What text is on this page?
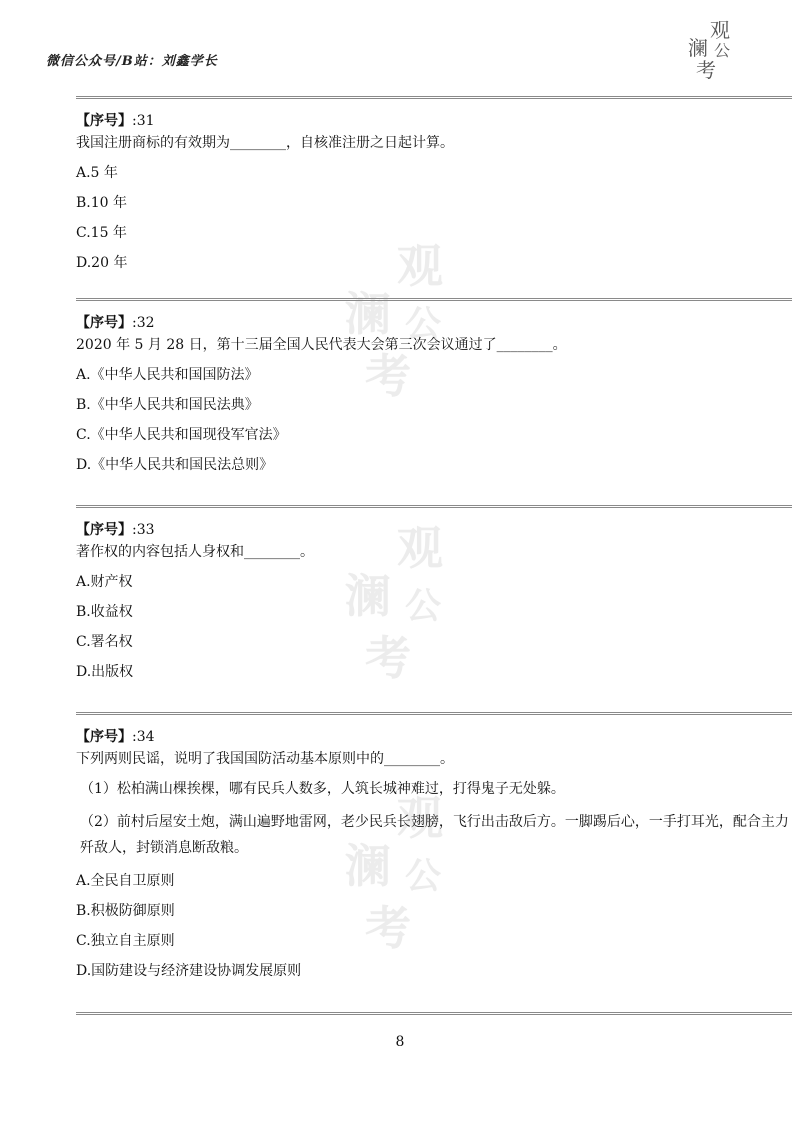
微信公众号/B站：刘鑫学长
观
澜 公
考
观
澜 公
考
观
澜 公
考
观
澜 公
考
【序号】:31
我国注册商标的有效期为________，自核准注册之日起计算。
A.5 年
B.10 年
C.15 年
D.20 年
【序号】:32
2020 年 5 月 28 日，第十三届全国人民代表大会第三次会议通过了________。
A.《中华人民共和国国防法》
B.《中华人民共和国民法典》
C.《中华人民共和国现役军官法》
D.《中华人民共和国民法总则》
【序号】:33
著作权的内容包括人身权和________。
A.财产权
B.收益权
C.署名权
D.出版权
【序号】:34
下列两则民谣，说明了我国国防活动基本原则中的________。
（1）松柏满山棵挨棵，哪有民兵人数多，人筑长城神难过，打得鬼子无处躲。
（2）前村后屋安土炮，满山遍野地雷网，老少民兵长翅膀，飞行出击敌后方。一脚踢后心，一手打耳光，配合主力歼敌人，封锁消息断敌粮。
A.全民自卫原则
B.积极防御原则
C.独立自主原则
D.国防建设与经济建设协调发展原则
8
